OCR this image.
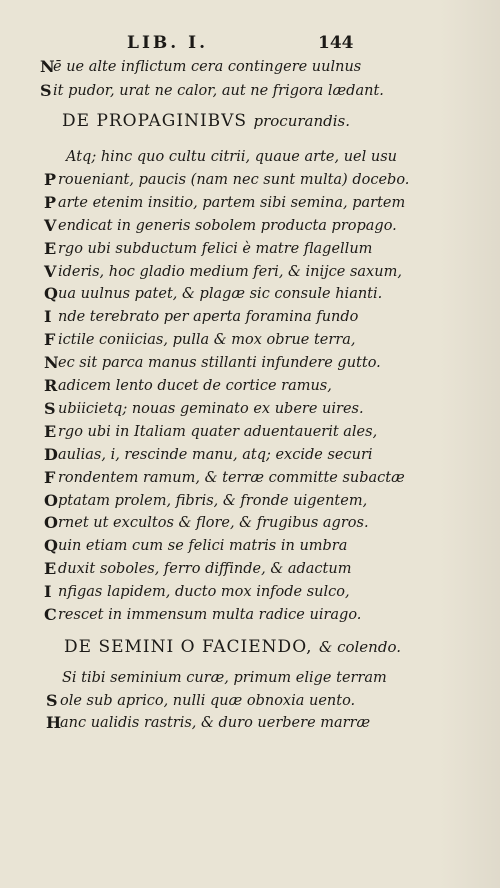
LIB. I.	144
N
ē ue alte inflictum cera contingere uulnus
S it pudor, urat ne calor, aut ne frigora lædant.
DE PROPAGINIBVS procurandis.
Atq; hinc quo cultu citrii, quaue arte, uel usu
P roueniant, paucis (nam nec sunt multa) docebo.
P arte etenim insitio, partem sibi semina, partem
V endicat in generis sobolem producta propago.
E rgo ubi subductum felici è matre flagellum
V ideris, hoc gladio medium feri, & inijce saxum,
Q ua uulnus patet, & plagæ sic consule hianti.
I nde terebrato per aperta foramina fundo
F ictile coniicias, pulla & mox obrue terra,
N ec sit parca manus stillanti infundere gutto.
R adicem lento ducet de cortice ramus,
S ubiicietq; nouas geminato ex ubere uires.
E rgo ubi in Italiam quater aduentauerit ales,
D aulias, i, rescinde manu, atq; excide securi
F rondentem ramum, & terræ committe subactæ
O ptatam prolem, fibris, & fronde uigentem,
O rnet ut excultos & flore, & frugibus agros.
Q uin etiam cum se felici matris in umbra
E duxit soboles, ferro diffinde, & adactum
I nfigas lapidem, ducto mox infode sulco,
C rescet in immensum multa radice uirago.
DE SEMINI O FACIENDO, & colendo.
Si tibi seminium curæ, primum elige terram
S ole sub aprico, nulli quæ obnoxia uento.
H
anc ualidis rastris, & duro uerbere marræ
